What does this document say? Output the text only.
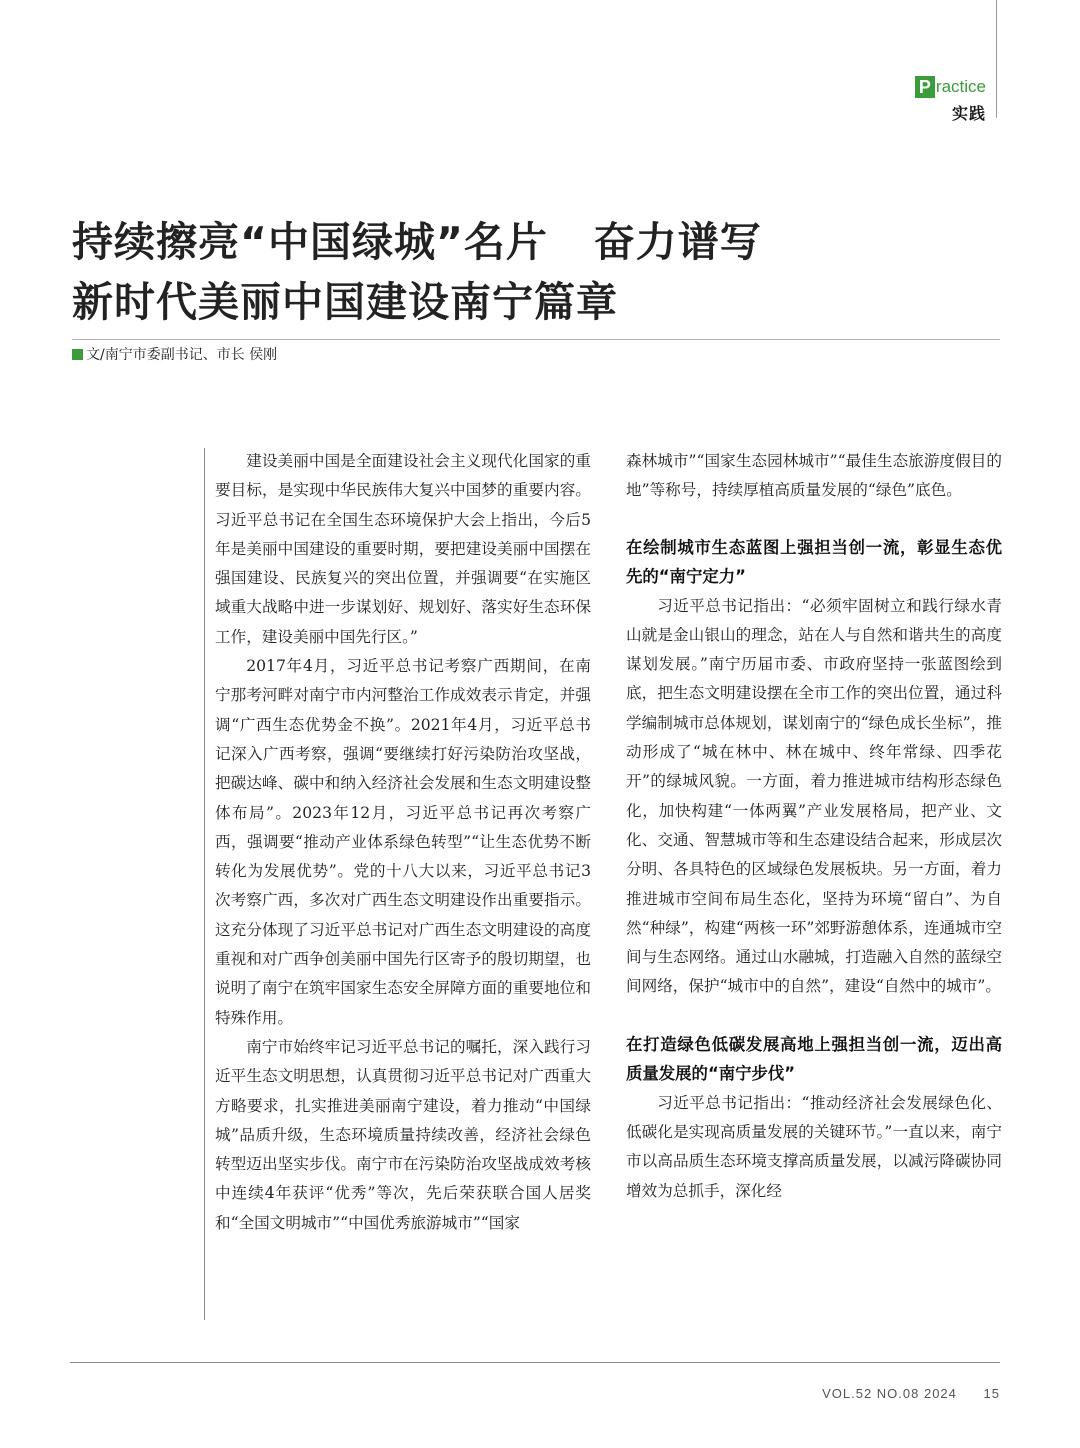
P ractice
实践
持续擦亮“中国绿城”名片   奋力谱写
新时代美丽中国建设南宁篇章
文/南宁市委副书记、市长 侯刚

建设美丽中国是全面建设社会主义现代化国家的重要目标，是实现中华民族伟大复兴中国梦的重要内容。习近平总书记在全国生态环境保护大会上指出，今后5年是美丽中国建设的重要时期，要把建设美丽中国摆在强国建设、民族复兴的突出位置，并强调要“在实施区域重大战略中进一步谋划好、规划好、落实好生态环保工作，建设美丽中国先行区。”

2017年4月，习近平总书记考察广西期间，在南宁那考河畔对南宁市内河整治工作成效表示肯定，并强调“广西生态优势金不换”。2021年4月，习近平总书记深入广西考察，强调“要继续打好污染防治攻坚战，把碳达峰、碳中和纳入经济社会发展和生态文明建设整体布局”。2023年12月，习近平总书记再次考察广西，强调要“推动产业体系绿色转型”“让生态优势不断转化为发展优势”。党的十八大以来，习近平总书记3次考察广西，多次对广西生态文明建设作出重要指示。这充分体现了习近平总书记对广西生态文明建设的高度重视和对广西争创美丽中国先行区寄予的殷切期望，也说明了南宁在筑牢国家生态安全屏障方面的重要地位和特殊作用。

南宁市始终牢记习近平总书记的嘱托，深入践行习近平生态文明思想，认真贯彻习近平总书记对广西重大方略要求，扎实推进美丽南宁建设，着力推动“中国绿城”品质升级，生态环境质量持续改善，经济社会绿色转型迈出坚实步伐。南宁市在污染防治攻坚战成效考核中连续4年获评“优秀”等次，先后荣获联合国人居奖和“全国文明城市”“中国优秀旅游城市”“国家

森林城市”“国家生态园林城市”“最佳生态旅游度假目的地”等称号，持续厚植高质量发展的“绿色”底色。

在绘制城市生态蓝图上强担当创一流，彰显生态优先的“南宁定力”

习近平总书记指出：“必须牢固树立和践行绿水青山就是金山银山的理念，站在人与自然和谐共生的高度谋划发展。”南宁历届市委、市政府坚持一张蓝图绘到底，把生态文明建设摆在全市工作的突出位置，通过科学编制城市总体规划，谋划南宁的“绿色成长坐标”，推动形成了“城在林中、林在城中、终年常绿、四季花开”的绿城风貌。一方面，着力推进城市结构形态绿色化，加快构建“一体两翼”产业发展格局，把产业、文化、交通、智慧城市等和生态建设结合起来，形成层次分明、各具特色的区域绿色发展板块。另一方面，着力推进城市空间布局生态化，坚持为环境“留白”、为自然“种绿”，构建“两核一环”郊野游憩体系，连通城市空间与生态网络。通过山水融城，打造融入自然的蓝绿空间网络，保护“城市中的自然”，建设“自然中的城市”。

在打造绿色低碳发展高地上强担当创一流，迈出高质量发展的“南宁步伐”

习近平总书记指出：“推动经济社会发展绿色化、低碳化是实现高质量发展的关键环节。”一直以来，南宁市以高品质生态环境支撑高质量发展，以减污降碳协同增效为总抓手，深化经

VOL.52 NO.08 2024 15
